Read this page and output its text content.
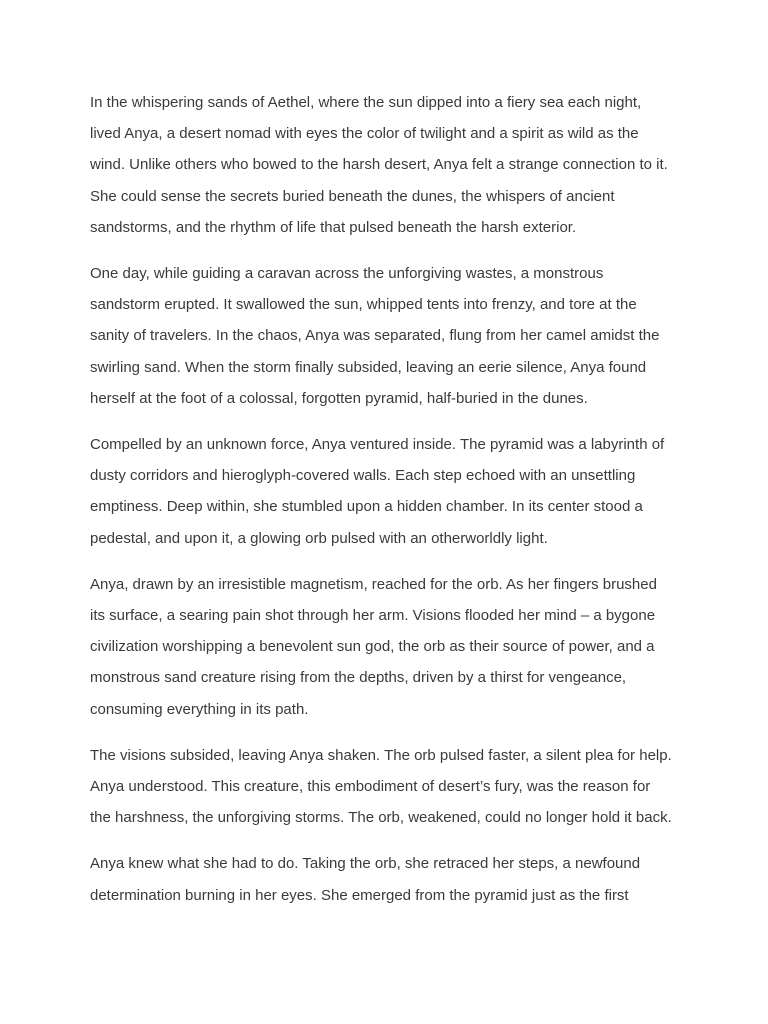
In the whispering sands of Aethel, where the sun dipped into a fiery sea each night,
lived Anya, a desert nomad with eyes the color of twilight and a spirit as wild as the
wind. Unlike others who bowed to the harsh desert, Anya felt a strange connection to it.
She could sense the secrets buried beneath the dunes, the whispers of ancient
sandstorms, and the rhythm of life that pulsed beneath the harsh exterior.

One day, while guiding a caravan across the unforgiving wastes, a monstrous
sandstorm erupted. It swallowed the sun, whipped tents into frenzy, and tore at the
sanity of travelers. In the chaos, Anya was separated, flung from her camel amidst the
swirling sand. When the storm finally subsided, leaving an eerie silence, Anya found
herself at the foot of a colossal, forgotten pyramid, half-buried in the dunes.

Compelled by an unknown force, Anya ventured inside. The pyramid was a labyrinth of
dusty corridors and hieroglyph-covered walls. Each step echoed with an unsettling
emptiness. Deep within, she stumbled upon a hidden chamber. In its center stood a
pedestal, and upon it, a glowing orb pulsed with an otherworldly light.

Anya, drawn by an irresistible magnetism, reached for the orb. As her fingers brushed
its surface, a searing pain shot through her arm. Visions flooded her mind – a bygone
civilization worshipping a benevolent sun god, the orb as their source of power, and a
monstrous sand creature rising from the depths, driven by a thirst for vengeance,
consuming everything in its path.

The visions subsided, leaving Anya shaken. The orb pulsed faster, a silent plea for help.
Anya understood. This creature, this embodiment of desert’s fury, was the reason for
the harshness, the unforgiving storms. The orb, weakened, could no longer hold it back.

Anya knew what she had to do. Taking the orb, she retraced her steps, a newfound
determination burning in her eyes. She emerged from the pyramid just as the first
